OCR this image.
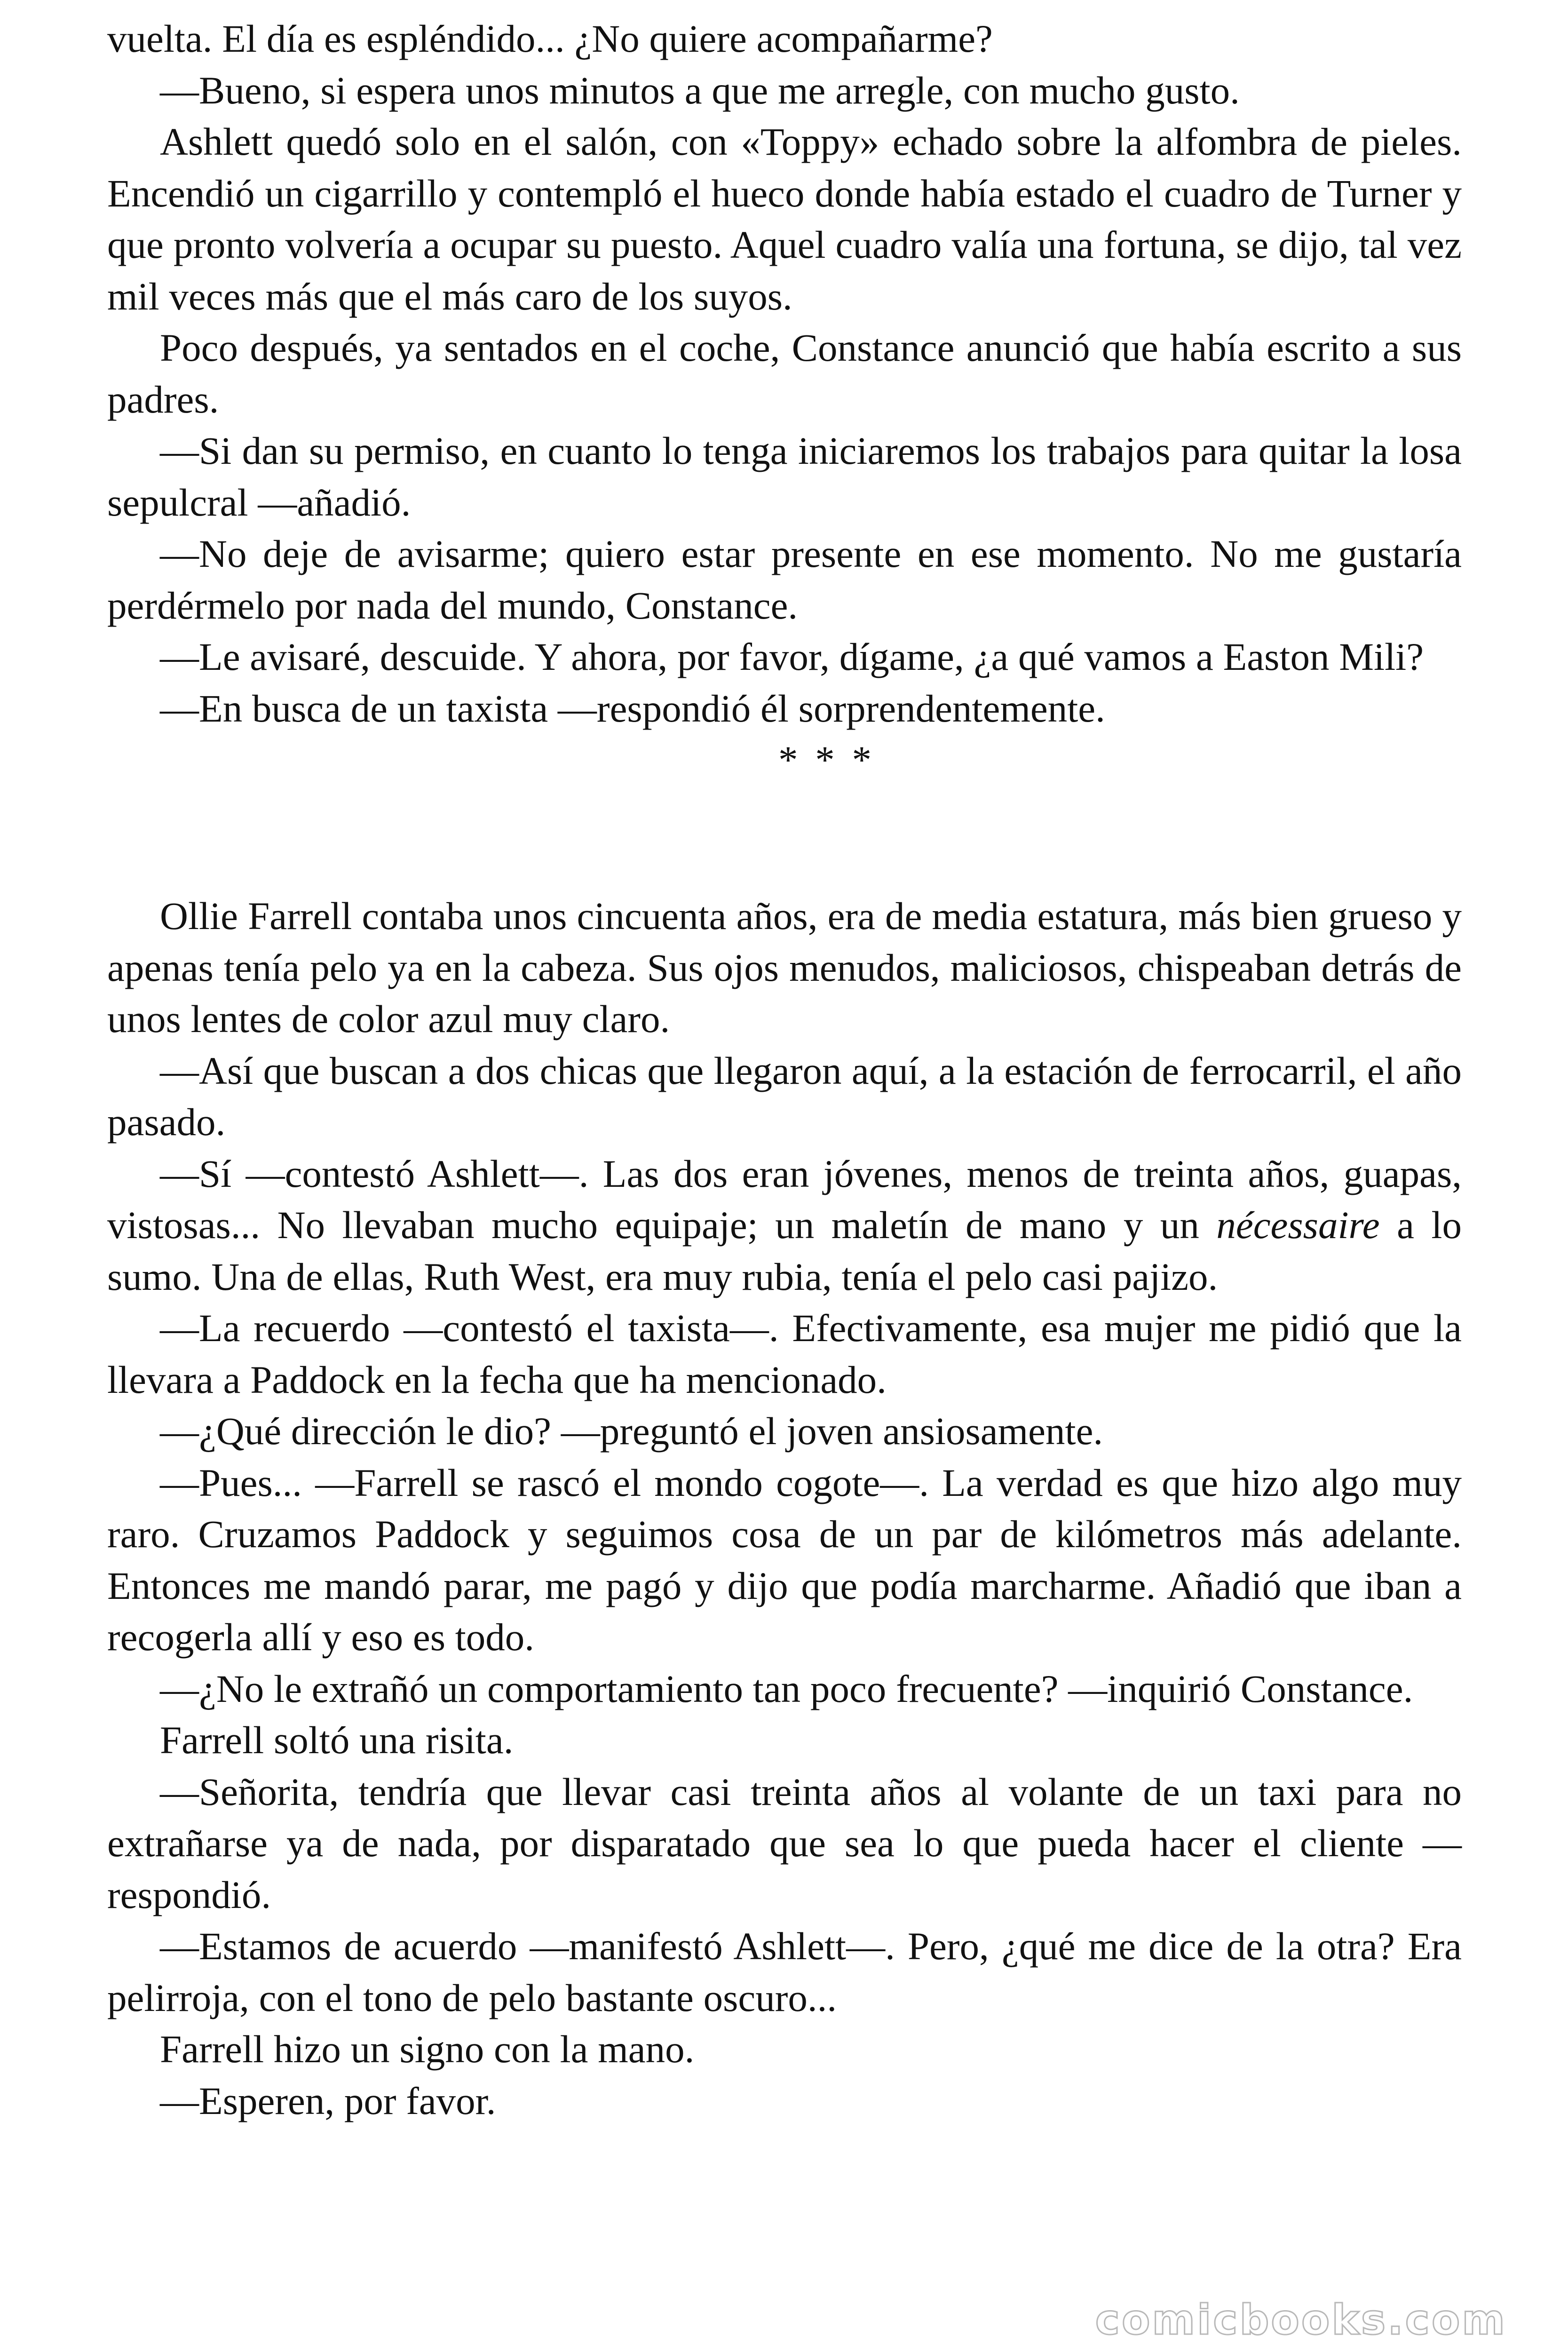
vuelta. El día es espléndido... ¿No quiere acompañarme?

—Bueno, si espera unos minutos a que me arregle, con mucho gusto.

Ashlett quedó solo en el salón, con «Toppy» echado sobre la alfombra de pieles. Encendió un cigarrillo y contempló el hueco donde había estado el cuadro de Turner y que pronto volvería a ocupar su puesto. Aquel cuadro valía una fortuna, se dijo, tal vez mil veces más que el más caro de los suyos.

Poco después, ya sentados en el coche, Constance anunció que había escrito a sus padres.

—Si dan su permiso, en cuanto lo tenga iniciaremos los trabajos para quitar la losa sepulcral —añadió.

—No deje de avisarme; quiero estar presente en ese momento. No me gustaría perdérmelo por nada del mundo, Constance.

—Le avisaré, descuide. Y ahora, por favor, dígame, ¿a qué vamos a Easton Mili?

—En busca de un taxista —respondió él sorprendentemente.

* * *

Ollie Farrell contaba unos cincuenta años, era de media estatura, más bien grueso y apenas tenía pelo ya en la cabeza. Sus ojos menudos, maliciosos, chispeaban detrás de unos lentes de color azul muy claro.

—Así que buscan a dos chicas que llegaron aquí, a la estación de ferrocarril, el año pasado.

—Sí —contestó Ashlett—. Las dos eran jóvenes, menos de treinta años, guapas, vistosas... No llevaban mucho equipaje; un maletín de mano y un nécessaire a lo sumo. Una de ellas, Ruth West, era muy rubia, tenía el pelo casi pajizo.

—La recuerdo —contestó el taxista—. Efectivamente, esa mujer me pidió que la llevara a Paddock en la fecha que ha mencionado.

—¿Qué dirección le dio? —preguntó el joven ansiosamente.

—Pues... —Farrell se rascó el mondo cogote—. La verdad es que hizo algo muy raro. Cruzamos Paddock y seguimos cosa de un par de kilómetros más adelante. Entonces me mandó parar, me pagó y dijo que podía marcharme. Añadió que iban a recogerla allí y eso es todo.

—¿No le extrañó un comportamiento tan poco frecuente? —inquirió Constance.

Farrell soltó una risita.

—Señorita, tendría que llevar casi treinta años al volante de un taxi para no extrañarse ya de nada, por disparatado que sea lo que pueda hacer el cliente —respondió.

—Estamos de acuerdo —manifestó Ashlett—. Pero, ¿qué me dice de la otra? Era pelirroja, con el tono de pelo bastante oscuro...

Farrell hizo un signo con la mano.

—Esperen, por favor.

comicbooks.com
